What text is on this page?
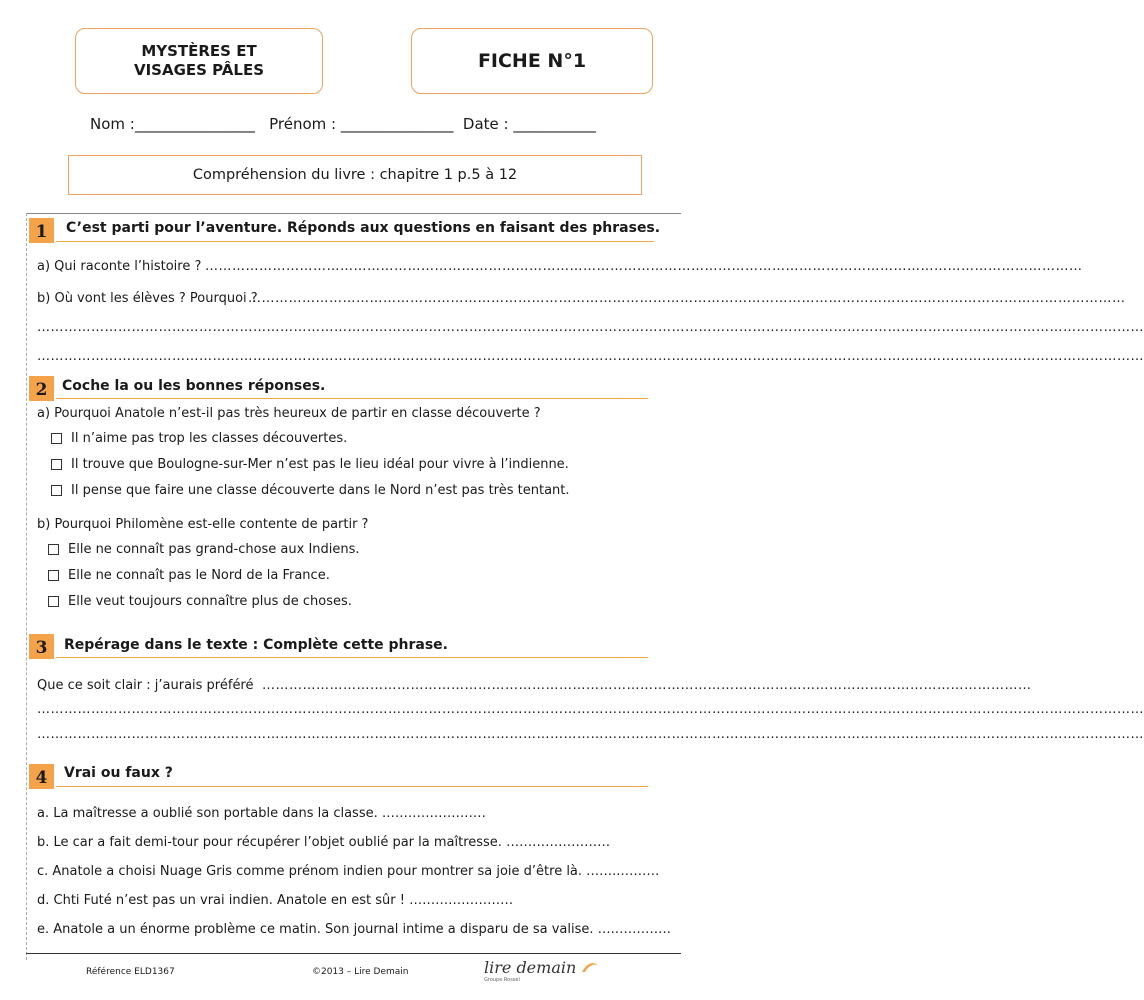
MYSTÈRES ET
VISAGES PÂLES	FICHE N°1
Nom :________________   Prénom : _______________  Date : ___________
Compréhension du livre : chapitre 1 p.5 à 12
1	C’est parti pour l’aventure. Réponds aux questions en faisant des phrases.
a) Qui raconte l’histoire ? ……………………………………………………………………………………………………………………………………………………………………………
b) Où vont les élèves ? Pourquoi ?
……………………………………………………………………………………………………………………………………………………………………………
…………………………………………………………………………………………………………………………………………………………………………………………………………………………
…………………………………………………………………………………………………………………………………………………………………………………………………………………………
2	Coche la ou les bonnes réponses.
a) Pourquoi Anatole n’est-il pas très heureux de partir en classe découverte ?
Il n’aime pas trop les classes découvertes.
Il trouve que Boulogne-sur-Mer n’est pas le lieu idéal pour vivre à l’indienne.
Il pense que faire une classe découverte dans le Nord n’est pas très tentant.
b) Pourquoi Philomène est-elle contente de partir ?
Elle ne connaît pas grand-chose aux Indiens.
Elle ne connaît pas le Nord de la France.
Elle veut toujours connaître plus de choses.
3	Repérage dans le texte : Complète cette phrase.
Que ce soit clair : j’aurais préféré ………………………………………………………………………………………………………………………………………………………
…………………………………………………………………………………………………………………………………………………………………………………………………………………………
…………………………………………………………………………………………………………………………………………………………………………………………………………………………
4	Vrai ou faux ?
a. La maîtresse a oublié son portable dans la classe. ……………………
b. Le car a fait demi-tour pour récupérer l’objet oublié par la maîtresse. ……………………
c. Anatole a choisi Nuage Gris comme prénom indien pour montrer sa joie d’être là. ……..………
d. Chti Futé n’est pas un vrai indien. Anatole en est sûr ! ……………………
e. Anatole a un énorme problème ce matin. Son journal intime a disparu de sa valise. ….………….
Référence ELD1367	©2013 – Lire Demain	lire demain
Groupe Rossel
